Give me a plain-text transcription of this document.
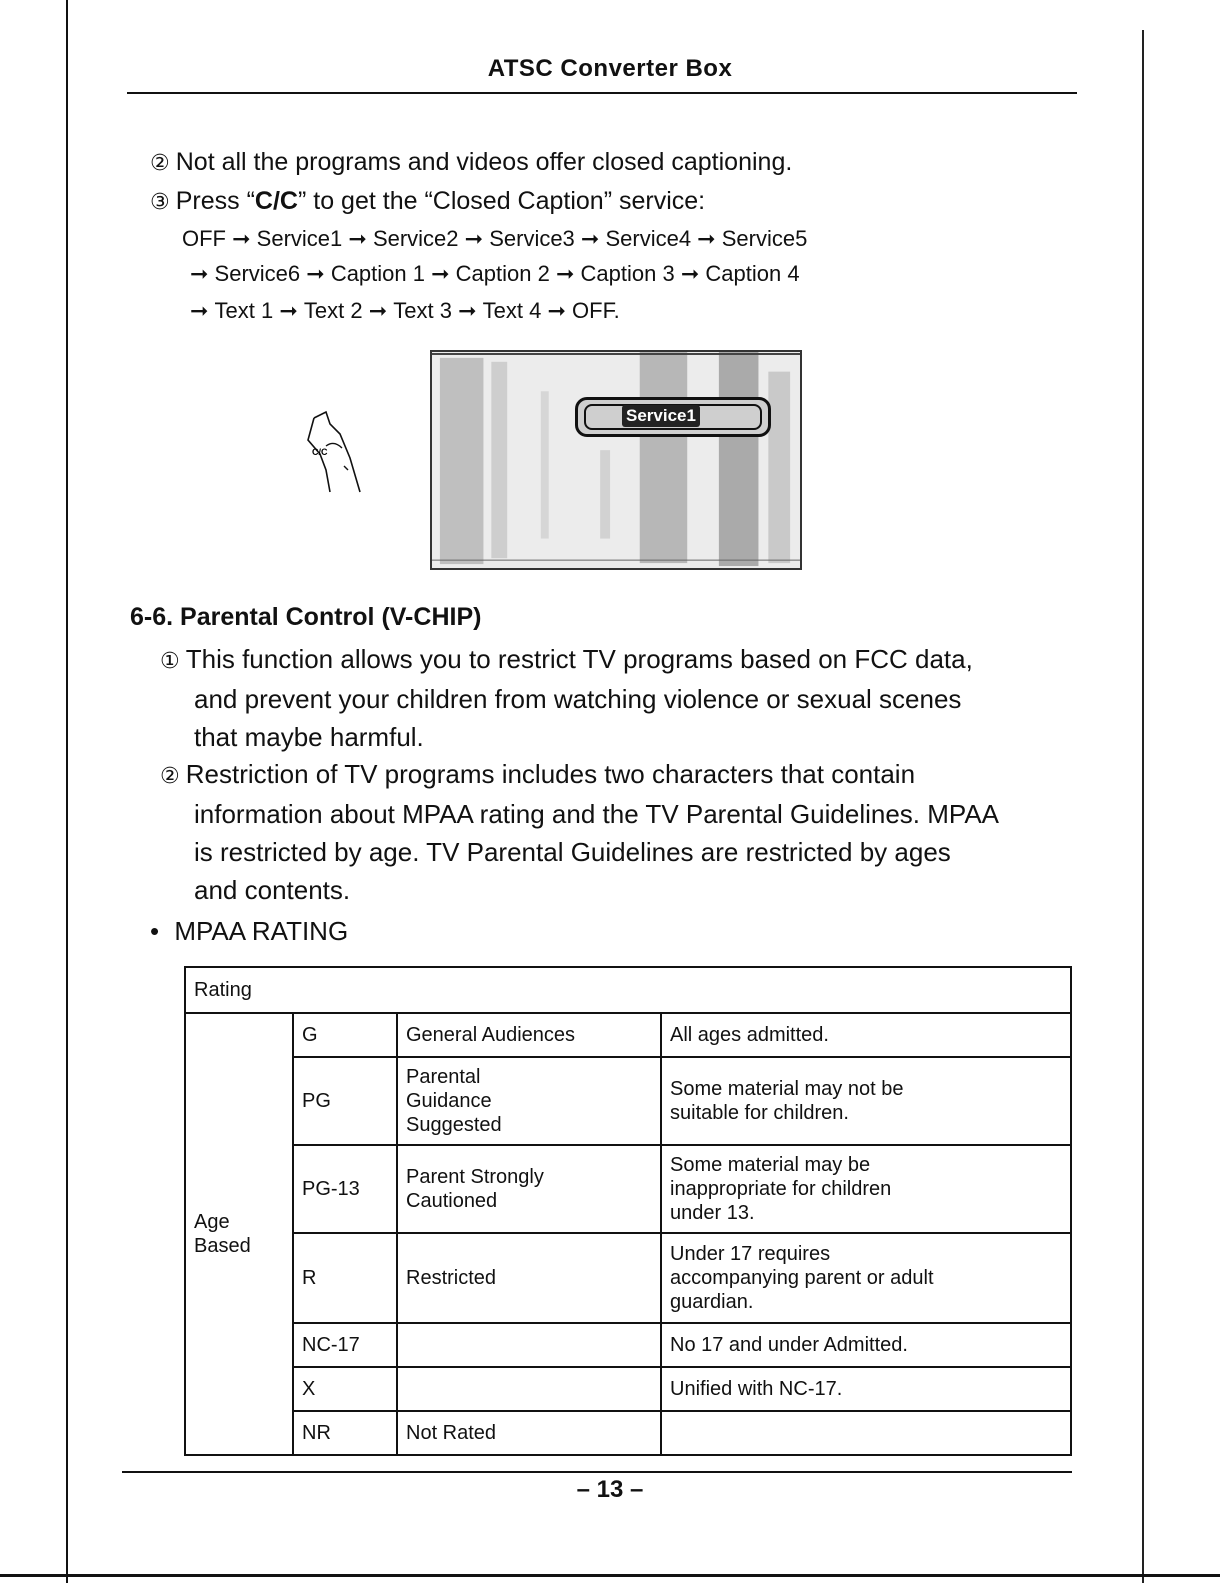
ATSC Converter Box
② Not all the programs and videos offer closed captioning.
③ Press “C/C” to get the “Closed Caption” service:
OFF ➞ Service1 ➞ Service2 ➞ Service3 ➞ Service4 ➞ Service5
➞ Service6 ➞ Caption 1 ➞ Caption 2 ➞ Caption 3 ➞ Caption 4
➞ Text 1 ➞ Text 2 ➞ Text 3 ➞ Text 4 ➞ OFF.
C/C
Service1
6-6. Parental Control (V-CHIP)
① This function allows you to restrict TV programs based on FCC data,
and prevent your children from watching violence or sexual scenes
that maybe harmful.
② Restriction of TV programs includes two characters that contain
information about MPAA rating and the TV Parental Guidelines. MPAA
is restricted by age. TV Parental Guidelines are restricted by ages
and contents.
• MPAA RATING
Rating			
Age
Based	G	General Audiences	All ages admitted.
	PG	Parental
Guidance
Suggested	Some material may not be
suitable for children.
	PG-13	Parent Strongly
Cautioned	Some material may be
inappropriate for children
under 13.
	R	Restricted	Under 17 requires
accompanying parent or adult
guardian.
	NC-17		No 17 and under Admitted.
	X		Unified with NC-17.
	NR	Not Rated	
– 13 –
